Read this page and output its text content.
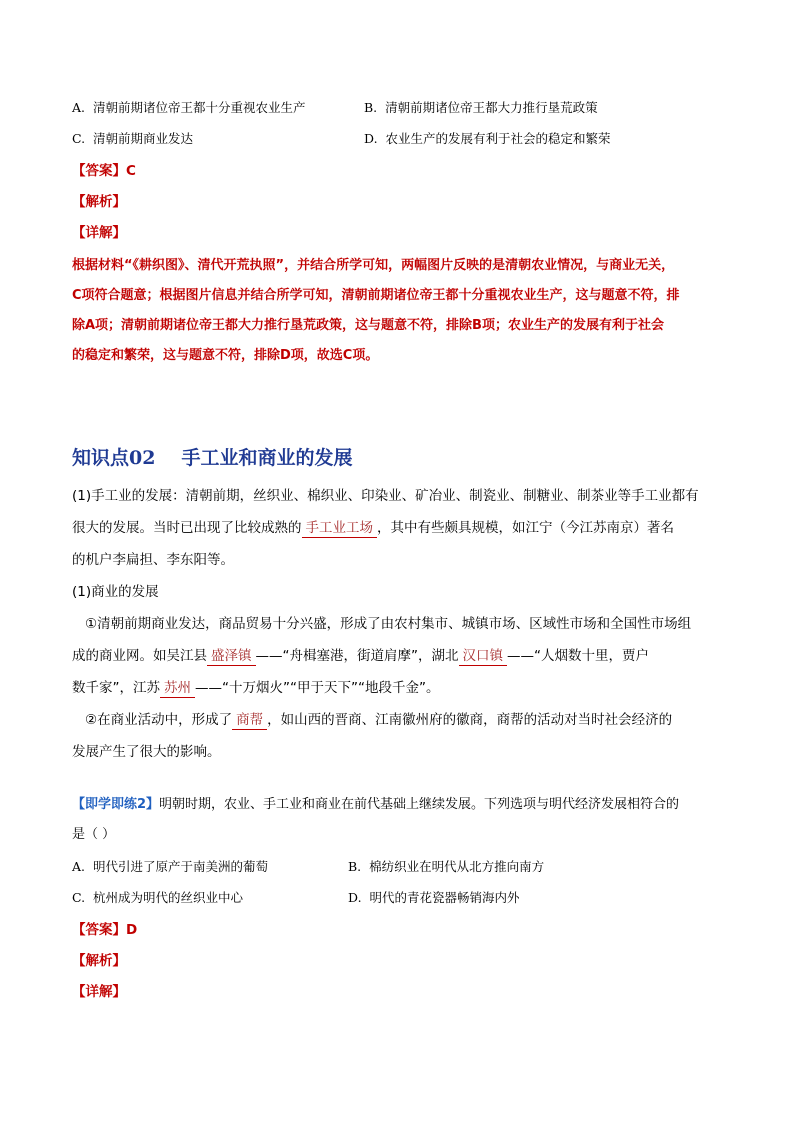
A. 清朝前期诸位帝王都十分重视农业生产	B. 清朝前期诸位帝王都大力推行垦荒政策
C. 清朝前期商业发达	D. 农业生产的发展有利于社会的稳定和繁荣
【答案】C
【解析】
【详解】
根据材料“《耕织图》、清代开荒执照”，并结合所学可知，两幅图片反映的是清朝农业情况，与商业无关，
C项符合题意；根据图片信息并结合所学可知，清朝前期诸位帝王都十分重视农业生产，这与题意不符，排
除A项；清朝前期诸位帝王都大力推行垦荒政策，这与题意不符，排除B项；农业生产的发展有利于社会
的稳定和繁荣，这与题意不符，排除D项，故选C项。
知识点02 手工业和商业的发展
(1)手工业的发展：清朝前期，丝织业、棉织业、印染业、矿冶业、制瓷业、制糖业、制茶业等手工业都有
很大的发展。当时已出现了比较成熟的 手工业工场 ，其中有些颇具规模，如江宁（今江苏南京）著名
的机户李扁担、李东阳等。
(1)商业的发展
①清朝前期商业发达，商品贸易十分兴盛，形成了由农村集市、城镇市场、区域性市场和全国性市场组
成的商业网。如吴江县 盛泽镇 ——“舟楫塞港，街道肩摩”，湖北 汉口镇 ——“人烟数十里，贾户
数千家”，江苏 苏州 ——“十万烟火”“甲于天下”“地段千金”。
②在商业活动中，形成了 商帮 ，如山西的晋商、江南徽州府的徽商，商帮的活动对当时社会经济的
发展产生了很大的影响。
【即学即练2】明朝时期，农业、手工业和商业在前代基础上继续发展。下列选项与明代经济发展相符合的
是（ ）
A. 明代引进了原产于南美洲的葡萄	B. 棉纺织业在明代从北方推向南方
C. 杭州成为明代的丝织业中心	D. 明代的青花瓷器畅销海内外
【答案】D
【解析】
【详解】
